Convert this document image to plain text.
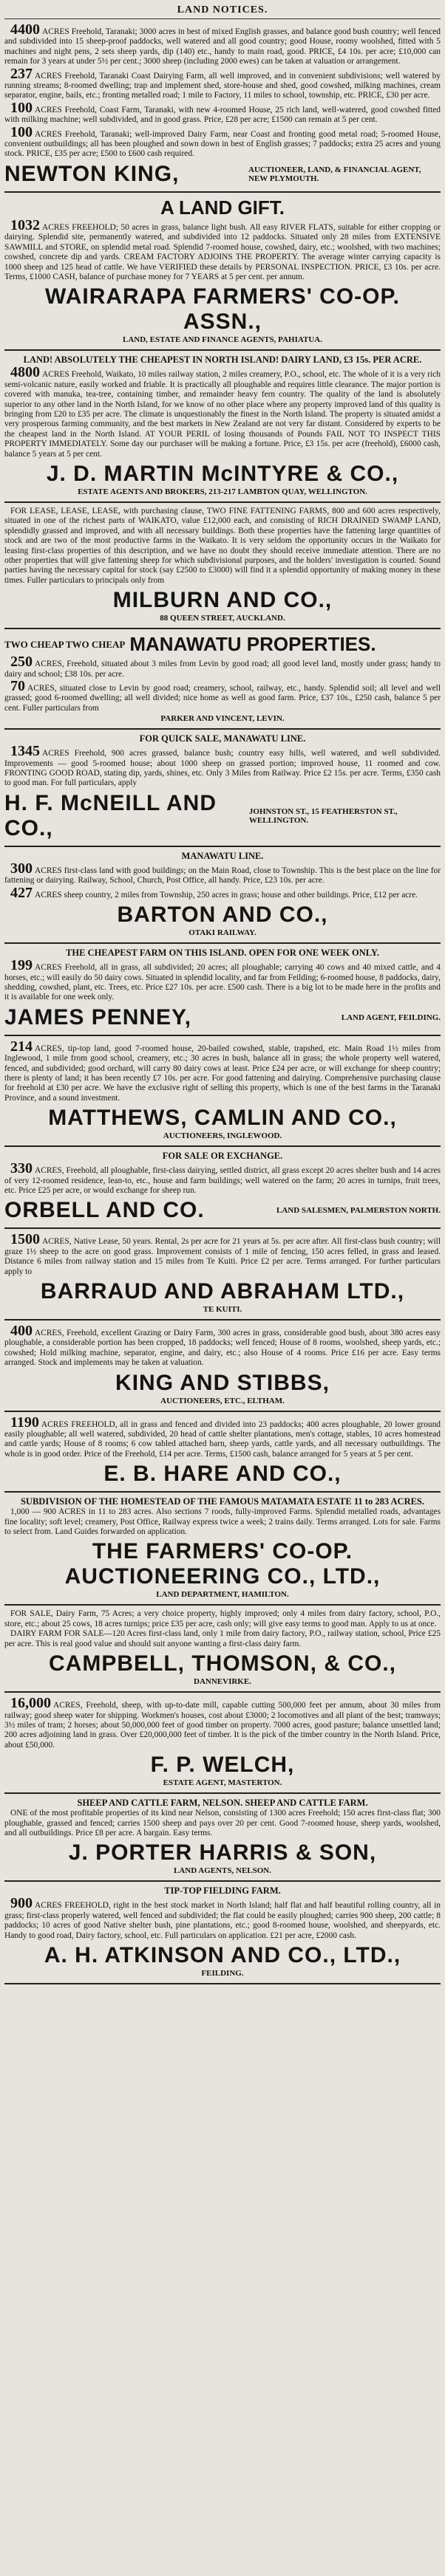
LAND NOTICES.

4400 ACRES Freehold, Taranaki; 3000 acres in best of mixed English grasses, and balance good bush country; well fenced and subdivided into 15 sheep-proof paddocks, well watered and all good country; good House, roomy woolshed, fitted with 5 machines and night pens, 2 sets sheep yards, dip (140) etc., handy to main road, good. PRICE, £4 10s. per acre; £10,000 can remain for 3 years at under 5½ per cent.; 3000 sheep (including 2000 ewes) can be taken at valuation or arrangement.

237 ACRES Freehold, Taranaki Coast Dairying Farm, all well improved, and in convenient subdivisions; well watered by running streams; 8-roomed dwelling; trap and implement shed, store-house and shed, good cowshed, milking machines, cream separator, engine, bails, etc.; fronting metalled road; 1 mile to Factory, 11 miles to school, township, etc. PRICE, £30 per acre.

100 ACRES Freehold, Coast Farm, Taranaki, with new 4-roomed House, 25 rich land, well-watered, good cowshed fitted with milking machine; well subdivided, and in good grass. Price, £28 per acre; £1500 can remain at 5 per cent.

100 ACRES Freehold, Taranaki; well-improved Dairy Farm, near Coast and fronting good metal road; 5-roomed House, convenient outbuildings; all has been ploughed and sown down in best of English grasses; 7 paddocks; extra 25 acres and young stock. PRICE, £35 per acre; £500 to £600 cash required.

NEWTON KING,	AUCTIONEER, LAND, & FINANCIAL AGENT, NEW PLYMOUTH.
A LAND GIFT.

1032 ACRES FREEHOLD; 50 acres in grass, balance light bush. All easy RIVER FLATS, suitable for either cropping or dairying. Splendid site, permanently watered, and subdivided into 12 paddocks. Situated only 28 miles from EXTENSIVE SAWMILL and STORE, on splendid metal road. Splendid 7-roomed house, cowshed, dairy, etc.; woolshed, with two machines; cowshed, concrete dip and yards. CREAM FACTORY ADJOINS THE PROPERTY. The average winter carrying capacity is 1000 sheep and 125 head of cattle. We have VERIFIED these details by PERSONAL INSPECTION. PRICE, £3 10s. per acre. Terms, £1000 CASH, balance of purchase money for 7 YEARS at 5 per cent. per annum.

WAIRARAPA FARMERS' CO-OP. ASSN.,
LAND, ESTATE AND FINANCE AGENTS, PAHIATUA.
LAND! ABSOLUTELY THE CHEAPEST IN NORTH ISLAND! DAIRY LAND, £3 15s. PER ACRE.

4800 ACRES Freehold, Waikato, 10 miles railway station, 2 miles creamery, P.O., school, etc. The whole of it is a very rich semi-volcanic nature, easily worked and friable. It is practically all ploughable and requires little clearance. The major portion is covered with manuka, tea-tree, containing timber, and remainder heavy fern country. The quality of the land is absolutely superior to any other land in the North Island, for we know of no other place where any property improved land of this quality is bringing from £20 to £35 per acre. The climate is unquestionably the finest in the North Island. The property is situated amidst a very prosperous farming community, and the best markets in New Zealand are not very far distant. Considered by experts to be the cheapest land in the North Island. AT YOUR PERIL of losing thousands of Pounds FAIL NOT TO INSPECT THIS PROPERTY IMMEDIATELY. Some day our purchaser will be making a fortune. Price, £3 15s. per acre (freehold), £6000 cash, balance 5 years at 5 per cent.

J. D. MARTIN McINTYRE & CO.,
ESTATE AGENTS AND BROKERS, 213-217 LAMBTON QUAY, WELLINGTON.

FOR LEASE, LEASE, LEASE, with purchasing clause, TWO FINE FATTENING FARMS, 800 and 600 acres respectively, situated in one of the richest parts of WAIKATO, value £12,000 each, and consisting of RICH DRAINED SWAMP LAND, splendidly grassed and improved, and with all necessary buildings. Both these properties have the fattening large quantities of stock and are two of the most productive farms in the Waikato. It is very seldom the opportunity occurs in the Waikato for leasing first-class properties of this description, and we have no doubt they should receive immediate attention. There are no other properties that will give fattening sheep for which subdivisional purposes, and the holders' investigation is courted. Sound parties having the necessary capital for stock (say £2500 to £3000) will find it a splendid opportunity of making money in these times. Fuller particulars to principals only from

MILBURN AND CO.,
88 QUEEN STREET, AUCKLAND.
TWO CHEAP TWO CHEAP MANAWATU PROPERTIES.

250 ACRES, Freehold, situated about 3 miles from Levin by good road; all good level land, mostly under grass; handy to dairy and school; £38 10s. per acre.

70 ACRES, situated close to Levin by good road; creamery, school, railway, etc., handy. Splendid soil; all level and well grassed; good 6-roomed dwelling; all well divided; nice home as well as good farm. Price, £37 10s., £250 cash, balance 5 per cent. Fuller particulars from

PARKER AND VINCENT, LEVIN.
FOR QUICK SALE, MANAWATU LINE.

1345 ACRES Freehold, 900 acres grassed, balance bush; country easy hills, well watered, and well subdivided. Improvements — good 5-roomed house; about 1000 sheep on grassed portion; improved house, 11 roomed and cow. FRONTING GOOD ROAD, stating dip, yards, shines, etc. Only 3 Miles from Railway. Price £2 15s. per acre. Terms, £350 cash to good man. For full particulars, apply

H. F. McNEILL AND CO.,
JOHNSTON ST., 15 FEATHERSTON ST., WELLINGTON.
MANAWATU LINE.

300 ACRES first-class land with good buildings; on the Main Road, close to Township. This is the best place on the line for fattening or dairying. Railway, School, Church, Post Office, all handy. Price, £23 10s. per acre.

427 ACRES sheep country, 2 miles from Township, 250 acres in grass; house and other buildings. Price, £12 per acre.

BARTON AND CO.,
OTAKI RAILWAY.
THE CHEAPEST FARM ON THIS ISLAND. OPEN FOR ONE WEEK ONLY.

199 ACRES Freehold, all in grass, all subdivided; 20 acres; all ploughable; carrying 40 cows and 40 mixed cattle, and 4 horses, etc.; will easily do 50 dairy cows. Situated in splendid locality, and far from Feilding; 6-roomed house, 8 paddocks, dairy, shedding, cowshed, plant, etc. Trees, etc. Price £27 10s. per acre. £500 cash. There is a big lot to be made here in the profits and it is available for one week only.

JAMES PENNEY,	LAND AGENT, FEILDING.

214 ACRES, tip-top land, good 7-roomed house, 20-bailed cowshed, stable, trapshed, etc. Main Road 1½ miles from Inglewood, 1 mile from good school, creamery, etc.; 30 acres in bush, balance all in grass; the whole property well watered, fenced, and subdivided; good orchard, will carry 80 dairy cows at least. Price £24 per acre, or will exchange for sheep country; there is plenty of land; it has been recently £7 10s. per acre. For good fattening and dairying. Comprehensive purchasing clause for freehold at £30 per acre. We have the exclusive right of selling this property, which is one of the best farms in the Taranaki Province, and a sound investment.

MATTHEWS, CAMLIN AND CO.,
AUCTIONEERS, INGLEWOOD.
FOR SALE OR EXCHANGE.

330 ACRES, Freehold, all ploughable, first-class dairying, settled district, all grass except 20 acres shelter bush and 14 acres of very 12-roomed residence, lean-to, etc., house and farm buildings; well watered on the farm; 20 acres in turnips, fruit trees, etc. Price £25 per acre, or would exchange for sheep run.

ORBELL AND CO.	LAND SALESMEN, PALMERSTON NORTH.

1500 ACRES, Native Lease, 50 years. Rental, 2s per acre for 21 years at 5s. per acre after. All first-class bush country; will graze 1½ sheep to the acre on good grass. Improvement consists of 1 mile of fencing, 150 acres felled, in grass and leased. Distance 6 miles from railway station and 15 miles from Te Kuiti. Price £2 per acre. Terms arranged. For further particulars apply to

BARRAUD AND ABRAHAM LTD.,
TE KUITI.

400 ACRES, Freehold, excellent Grazing or Dairy Farm, 300 acres in grass, considerable good bush, about 380 acres easy ploughable, a considerable portion has been cropped, 18 paddocks; well fenced; House of 8 rooms, woolshed, sheep yards, etc.; cowshed; Hold milking machine, separator, engine, and dairy, etc.; also House of 4 rooms. Price £16 per acre. Easy terms arranged. Stock and implements may be taken at valuation.

KING AND STIBBS,
AUCTIONEERS, ETC., ELTHAM.

1190 ACRES FREEHOLD, all in grass and fenced and divided into 23 paddocks; 400 acres ploughable, 20 lower ground easily ploughable; all well watered, subdivided, 20 head of cattle shelter plantations, men's cottage, stables, 10 acres homestead and cattle yards; House of 8 rooms; 6 cow tabled attached barn, sheep yards, cattle yards, and all necessary outbuildings. The whole is in good order. Price of the Freehold, £14 per acre. Terms, £1500 cash, balance arranged for 5 years at 5 per cent.

E. B. HARE AND CO.,
SUBDIVISION OF THE HOMESTEAD OF THE FAMOUS MATAMATA ESTATE 11 to 283 ACRES.

1,000 — 900 ACRES in 11 to 283 acres. Also sections 7 roods, fully-improved Farms. Splendid metalled roads, advantages fine locality; soft level; creamery, Post Office, Railway express twice a week; 2 trains daily. Terms arranged. Lots for sale. Farms to select from. Land Guides forwarded on application.

THE FARMERS' CO-OP. AUCTIONEERING CO., LTD.,
LAND DEPARTMENT, HAMILTON.

FOR SALE, Dairy Farm, 75 Acres; a very choice property, highly improved; only 4 miles from dairy factory, school, P.O., store, etc.; about 25 cows, 18 acres turnips; price £35 per acre, cash only; will give easy terms to good man. Apply to us at once.

DAIRY FARM FOR SALE—120 Acres first-class land, only 1 mile from dairy factory, P.O., railway station, school, Price £25 per acre. This is real good value and should suit anyone wanting a first-class dairy farm.

CAMPBELL, THOMSON, & CO.,
DANNEVIRKE.

16,000 ACRES, Freehold, sheep, with up-to-date mill, capable cutting 500,000 feet per annum, about 30 miles from railway; good sheep water for shipping. Workmen's houses, cost about £3000; 2 locomotives and all plant of the best; tramways; 3½ miles of tram; 2 horses; about 50,000,000 feet of good timber on property. 7000 acres, good pasture; balance unsettled land; 200 acres adjoining land in grass. Over £20,000,000 feet of timber. It is the pick of the timber country in the North Island. Price, about £50,000.

F. P. WELCH,
ESTATE AGENT, MASTERTON.
SHEEP AND CATTLE FARM, NELSON. SHEEP AND CATTLE FARM.

ONE of the most profitable properties of its kind near Nelson, consisting of 1300 acres Freehold; 150 acres first-class flat; 300 ploughable, grassed and fenced; carries 1500 sheep and pays over 20 per cent. Good 7-roomed house, sheep yards, woolshed, and all outbuildings. Price £8 per acre. A bargain. Easy terms.

J. PORTER HARRIS & SON,
LAND AGENTS, NELSON.
TIP-TOP FIELDING FARM.

900 ACRES FREEHOLD, right in the best stock market in North Island; half flat and half beautiful rolling country, all in grass; first-class properly watered, well fenced and subdivided; the flat could be easily ploughed; carries 900 sheep, 200 cattle; 8 paddocks; 10 acres of good Native shelter bush, pine plantations, etc.; good 8-roomed house, woolshed, and sheepyards, etc. Handy to good road, Dairy factory, school, etc. Full particulars on application. £21 per acre, £2000 cash.

A. H. ATKINSON AND CO., LTD.,
FEILDING.
